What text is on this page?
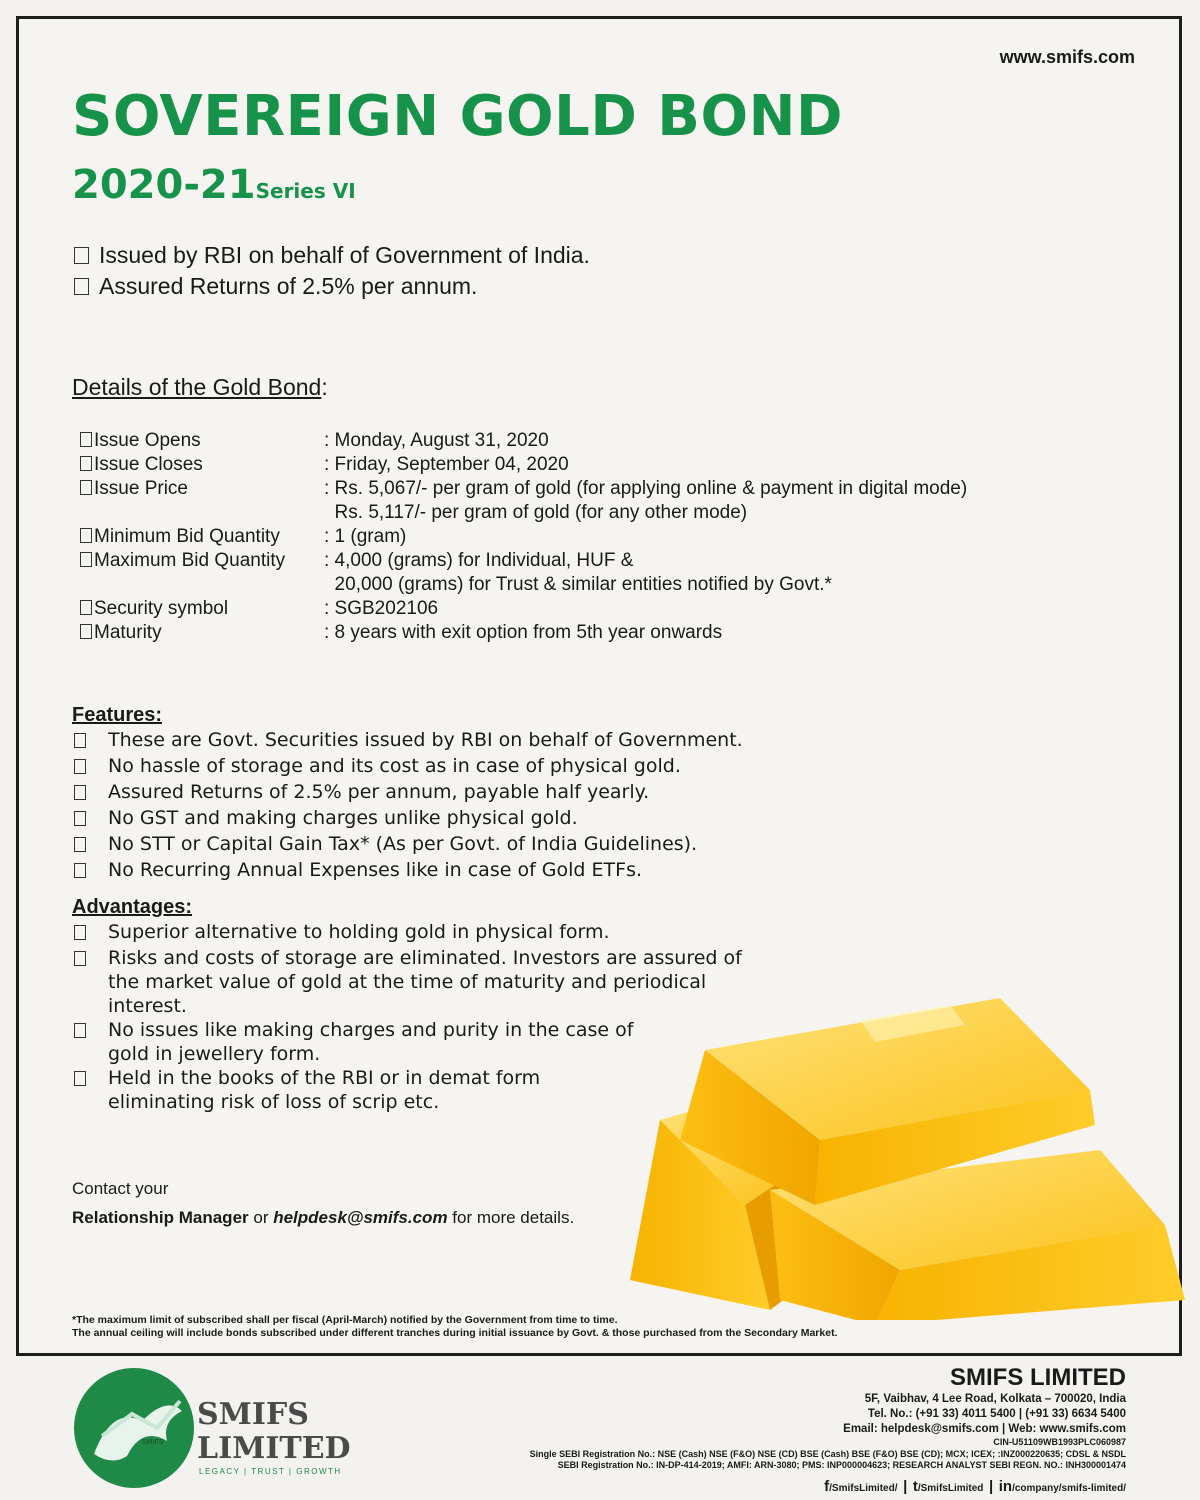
www.smifs.com
SOVEREIGN GOLD BOND
2020-21Series VI
Issued by RBI on behalf of Government of India.
Assured Returns of 2.5% per annum.
Details of the Gold Bond:
Issue Opens	: Monday, August 31, 2020
Issue Closes	: Friday, September 04, 2020
Issue Price	: Rs. 5,067/- per gram of gold (for applying online & payment in digital mode)
Rs. 5,117/- per gram of gold (for any other mode)
Minimum Bid Quantity	: 1 (gram)
Maximum Bid Quantity	: 4,000 (grams) for Individual, HUF &
20,000 (grams) for Trust & similar entities notified by Govt.*
Security symbol	: SGB202106
Maturity	: 8 years with exit option from 5th year onwards
Features:
These are Govt. Securities issued by RBI on behalf of Government.
No hassle of storage and its cost as in case of physical gold.
Assured Returns of 2.5% per annum, payable half yearly.
No GST and making charges unlike physical gold.
No STT or Capital Gain Tax* (As per Govt. of India Guidelines).
No Recurring Annual Expenses like in case of Gold ETFs.
Advantages:
Superior alternative to holding gold in physical form.
Risks and costs of storage are eliminated. Investors are assured of the market value of gold at the time of maturity and periodical interest.
No issues like making charges and purity in the case of gold in jewellery form.
Held in the books of the RBI or in demat form eliminating risk of loss of scrip etc.
Contact your
Relationship Manager or helpdesk@smifs.com for more details.
*The maximum limit of subscribed shall per fiscal (April-March) notified by the Government from time to time.
The annual ceiling will include bonds subscribed under different tranches during initial issuance by Govt. & those purchased from the Secondary Market.
SMIFS
SMIFS
LIMITED
LEGACY | TRUST | GROWTH
SMIFS LIMITED
5F, Vaibhav, 4 Lee Road, Kolkata – 700020, India
Tel. No.: (+91 33) 4011 5400 | (+91 33) 6634 5400
Email: helpdesk@smifs.com | Web: www.smifs.com
CIN-U51109WB1993PLC060987
Single SEBI Registration No.: NSE (Cash) NSE (F&O) NSE (CD) BSE (Cash) BSE (F&O) BSE (CD); MCX; ICEX; :INZ000220635; CDSL & NSDL
SEBI Registration No.: IN-DP-414-2019; AMFI: ARN-3080; PMS: INP000004623; RESEARCH ANALYST SEBI REGN. NO.: INH300001474
f/SmifsLimited/ | t/SmifsLimited | in/company/smifs-limited/
